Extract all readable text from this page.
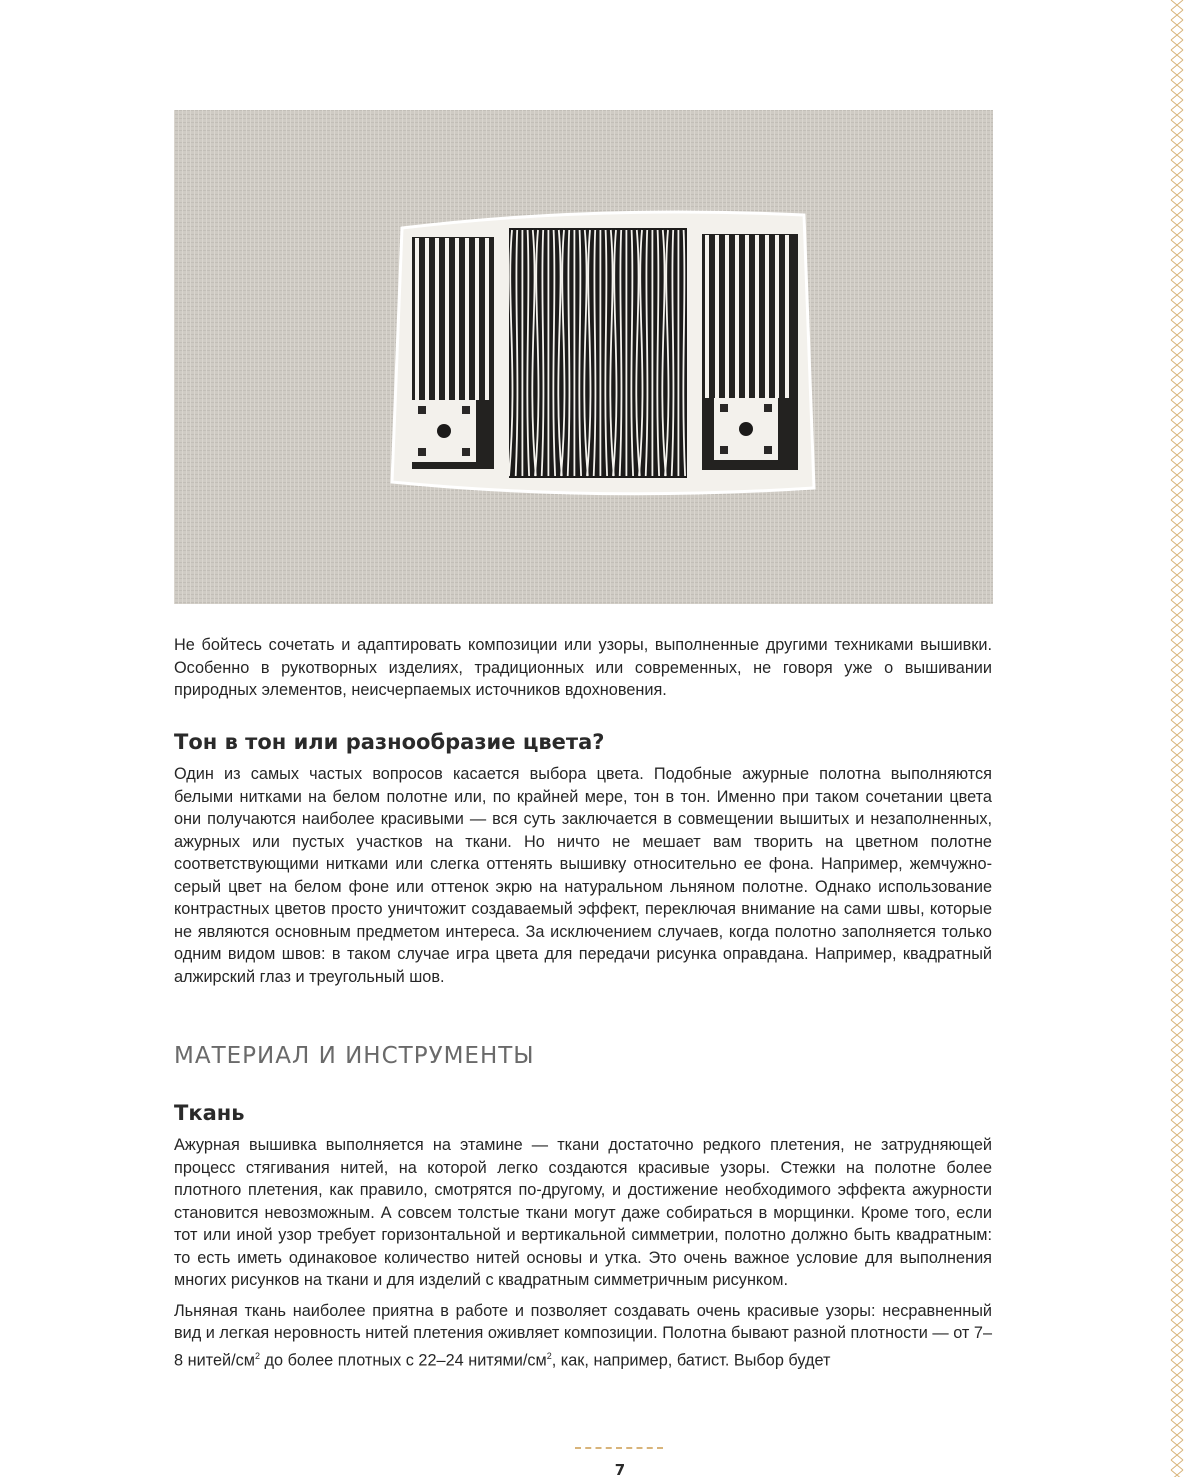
Не бойтесь сочетать и адаптировать композиции или узоры, выполненные другими техниками вышивки. Особенно в рукотворных изделиях, традиционных или современных, не говоря уже о вышивании природных элементов, неисчерпаемых источников вдохновения.

Тон в тон или разнообразие цвета?

Один из самых частых вопросов касается выбора цвета. Подобные ажурные полотна выполняются белыми нитками на белом полотне или, по крайней мере, тон в тон. Именно при таком сочетании цвета они получаются наиболее красивыми — вся суть заключается в совмещении вышитых и незаполненных, ажурных или пустых участков на ткани. Но ничто не мешает вам творить на цветном полотне соответствующими нитками или слегка оттенять вышивку относительно ее фона. Например, жемчужно-серый цвет на белом фоне или оттенок экрю на натуральном льняном полотне. Однако использование контрастных цветов просто уничтожит создаваемый эффект, переключая внимание на сами швы, которые не являются основным предметом интереса. За исключением случаев, когда полотно заполняется только одним видом швов: в таком случае игра цвета для передачи рисунка оправдана. Например, квадратный алжирский глаз и треугольный шов.

МАТЕРИАЛ И ИНСТРУМЕНТЫ
Ткань

Ажурная вышивка выполняется на этамине — ткани достаточно редкого плетения, не затрудняющей процесс стягивания нитей, на которой легко создаются красивые узоры. Стежки на полотне более плотного плетения, как правило, смотрятся по-другому, и достижение необходимого эффекта ажурности становится невозможным. А совсем толстые ткани могут даже собираться в морщинки. Кроме того, если тот или иной узор требует горизонтальной и вертикальной симметрии, полотно должно быть квадратным: то есть иметь одинаковое количество нитей основы и утка. Это очень важное условие для выполнения многих рисунков на ткани и для изделий с квадратным симметричным рисунком.

Льняная ткань наиболее приятна в работе и позволяет создавать очень красивые узоры: несравненный вид и легкая неровность нитей плетения оживляет композиции. Полотна бывают разной плотности — от 7–8 нитей/$см^2$ до более плотных с 22–24 нитями/$см^2$, как, например, батист. Выбор будет

7
